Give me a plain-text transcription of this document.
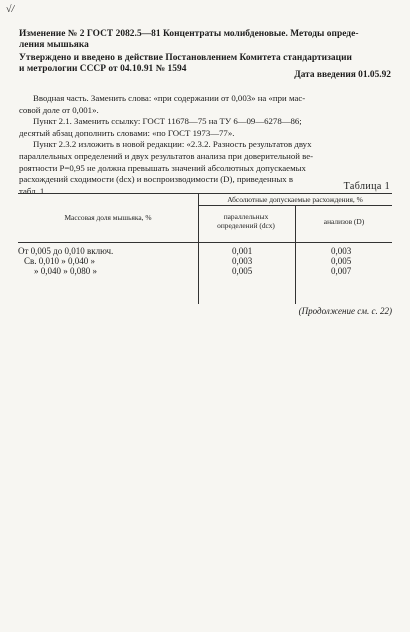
√/
Изменение № 2 ГОСТ 2082.5—81 Концентраты молибденовые. Методы опреде-
ления мышьяка
Утверждено и введено в действие Постановлением Комитета стандартизации
и метрологии СССР от 04.10.91 № 1594
Дата введения 01.05.92
Вводная часть. Заменить слова: «при содержании от 0,003» на «при мас-
совой доле от 0,001».
Пункт 2.1. Заменить ссылку: ГОСТ 11678—75 на ТУ 6—09—6278—86;
десятый абзац дополнить словами: «по ГОСТ 1973—77».
Пункт 2.3.2 изложить в новой редакции: «2.3.2. Разность результатов двух
параллельных определений и двух результатов анализа при доверительной ве-
роятности P=0,95 не должна превышать значений абсолютных допускаемых
расхождений сходимости (dсх) и воспроизводимости (D), приведенных в
табл. 1.	Таблица 1
Массовая доля мышьяка, %
Абсолютные допускаемые расхождения, %
параллельных определений (dсх)	анализов (D)
От 0,005 до 0,010 включ.	0,001	0,003
Св. 0,010 » 0,040 »	0,003	0,005
» 0,040 » 0,080 »	0,005	0,007
(Продолжение см. с. 22)
